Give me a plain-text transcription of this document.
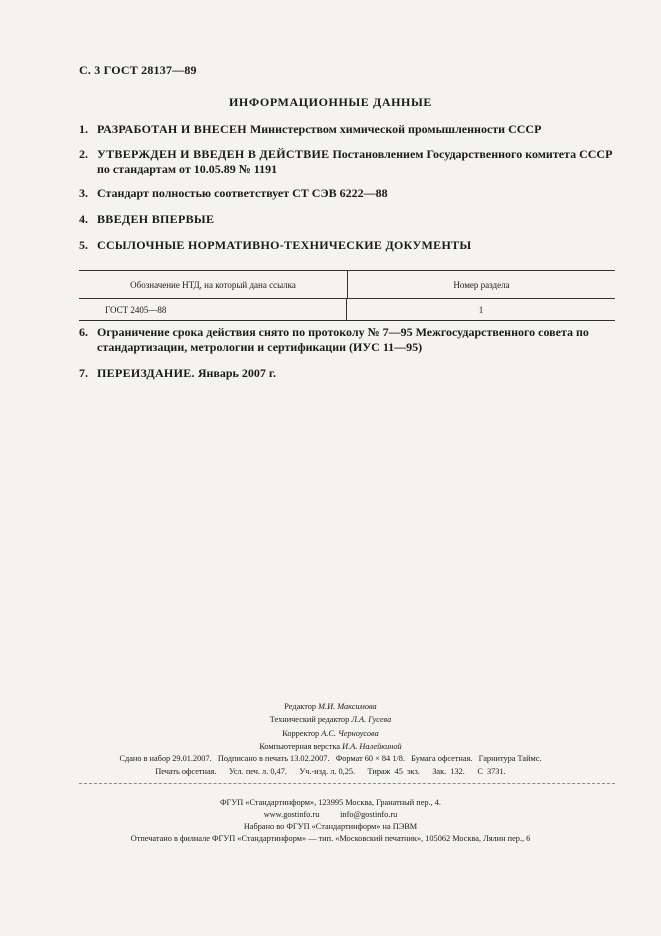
С. 3 ГОСТ 28137—89
ИНФОРМАЦИОННЫЕ ДАННЫЕ
1. РАЗРАБОТАН И ВНЕСЕН Министерством химической промышленности СССР
2. УТВЕРЖДЕН И ВВЕДЕН В ДЕЙСТВИЕ Постановлением Государственного комитета СССР по стандартам от 10.05.89 № 1191
3. Стандарт полностью соответствует СТ СЭВ 6222—88
4. ВВЕДЕН ВПЕРВЫЕ
5. ССЫЛОЧНЫЕ НОРМАТИВНО-ТЕХНИЧЕСКИЕ ДОКУМЕНТЫ
Обозначение НТД, на который дана ссылка	Номер раздела
ГОСТ 2405—88	1
6. Ограничение срока действия снято по протоколу № 7—95 Межгосударственного совета по стандартизации, метрологии и сертификации (ИУС 11—95)
7. ПЕРЕИЗДАНИЕ. Январь 2007 г.
Редактор М.И. Максимова
Технический редактор Л.А. Гусева
Корректор А.С. Черноусова
Компьютерная верстка И.А. Налейкиной
Сдано в набор 29.01.2007.   Подписано в печать 13.02.2007.   Формат 60 × 84 1/8.   Бумага офсетная.   Гарнитура Таймс.
Печать офсетная.      Усл. печ. л. 0,47.      Уч.-изд. л. 0,25.      Тираж  45  экз.      Зак.  132.      С  3731.
ФГУП «Стандартинформ», 123995 Москва, Гранатный пер., 4.
www.gostinfo.ru          info@gostinfo.ru
Набрано во ФГУП «Стандартинформ» на ПЭВМ
Отпечатано в филиале ФГУП «Стандартинформ» — тип. «Московский печатник», 105062 Москва, Лялин пер., 6
